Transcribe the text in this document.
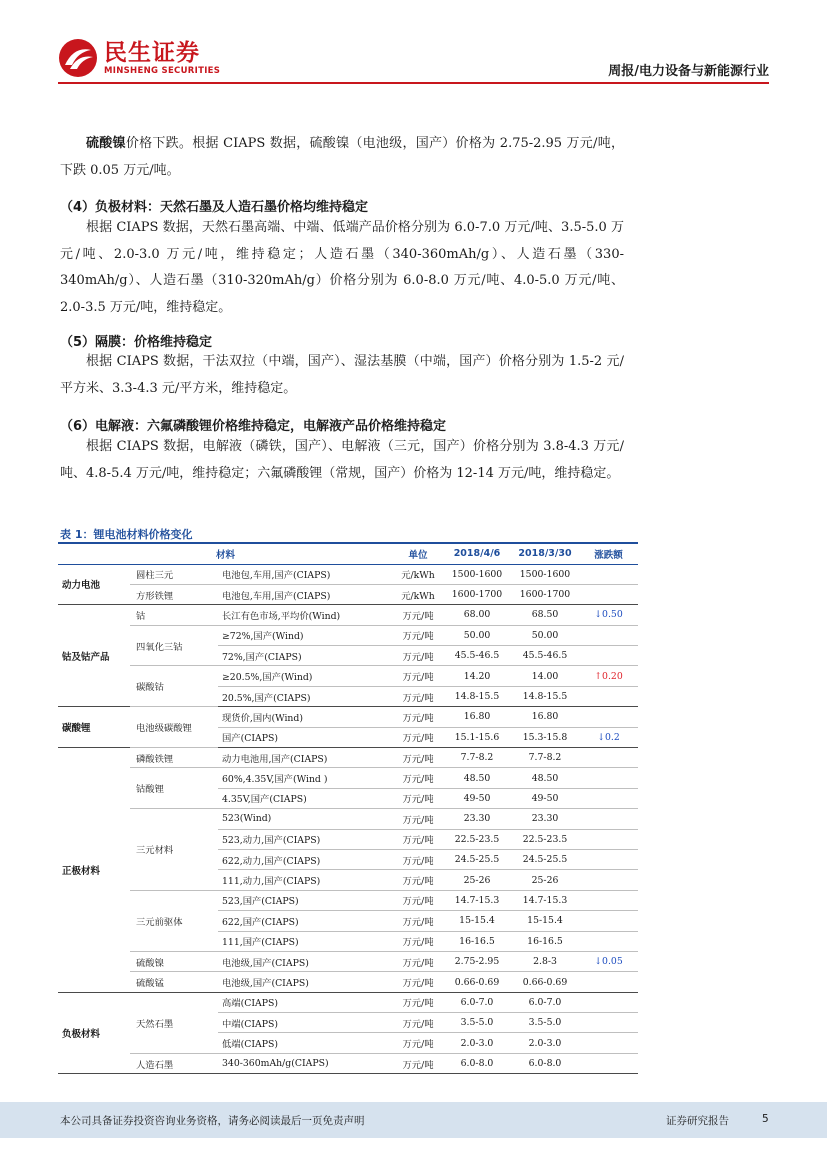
民生证券
MINSHENG SECURITIES	周报/电力设备与新能源行业
硫酸镍价格下跌。根据 CIAPS 数据，硫酸镍（电池级，国产）价格为 2.75-2.95 万元/吨，下跌 0.05 万元/吨。
（4）负极材料：天然石墨及人造石墨价格均维持稳定
根据 CIAPS 数据，天然石墨高端、中端、低端产品价格分别为 6.0-7.0 万元/吨、3.5-5.0 万元/吨、2.0-3.0 万元/吨，维持稳定；人造石墨（340-360mAh/g）、人造石墨（330-340mAh/g）、人造石墨（310-320mAh/g）价格分别为 6.0-8.0 万元/吨、4.0-5.0 万元/吨、2.0-3.5 万元/吨，维持稳定。
（5）隔膜：价格维持稳定
根据 CIAPS 数据，干法双拉（中端，国产）、湿法基膜（中端，国产）价格分别为 1.5-2 元/平方米、3.3-4.3 元/平方米，维持稳定。
（6）电解液：六氟磷酸锂价格维持稳定，电解液产品价格维持稳定
根据 CIAPS 数据，电解液（磷铁，国产）、电解液（三元，国产）价格分别为 3.8-4.3 万元/吨、4.8-5.4 万元/吨，维持稳定；六氟磷酸锂（常规，国产）价格为 12-14 万元/吨，维持稳定。
表 1：锂电池材料价格变化
材料			单位	2018/4/6	2018/3/30	涨跌额
动力电池	圆柱三元	电池包,车用,国产(CIAPS)	元/kWh	1500-1600	1500-1600	
	方形铁锂	电池包,车用,国产(CIAPS)	元/kWh	1600-1700	1600-1700	
钴及钴产品	钴	长江有色市场,平均价(Wind)	万元/吨	68.00	68.50	↓0.50
	四氧化三钴	≥72%,国产(Wind)	万元/吨	50.00	50.00	
		72%,国产(CIAPS)	万元/吨	45.5-46.5	45.5-46.5	
	碳酸钴	≥20.5%,国产(Wind)	万元/吨	14.20	14.00	↑0.20
		20.5%,国产(CIAPS)	万元/吨	14.8-15.5	14.8-15.5	
碳酸锂	电池级碳酸锂	现货价,国内(Wind)	万元/吨	16.80	16.80	
		国产(CIAPS)	万元/吨	15.1-15.6	15.3-15.8	↓0.2
正极材料	磷酸铁锂	动力电池用,国产(CIAPS)	万元/吨	7.7-8.2	7.7-8.2	
	钴酸锂	60%,4.35V,国产(Wind )	万元/吨	48.50	48.50	
		4.35V,国产(CIAPS)	万元/吨	49-50	49-50	
	三元材料	523(Wind)	万元/吨	23.30	23.30	
		523,动力,国产(CIAPS)	万元/吨	22.5-23.5	22.5-23.5	
		622,动力,国产(CIAPS)	万元/吨	24.5-25.5	24.5-25.5	
		111,动力,国产(CIAPS)	万元/吨	25-26	25-26	
	三元前驱体	523,国产(CIAPS)	万元/吨	14.7-15.3	14.7-15.3	
		622,国产(CIAPS)	万元/吨	15-15.4	15-15.4	
		111,国产(CIAPS)	万元/吨	16-16.5	16-16.5	
	硫酸镍	电池级,国产(CIAPS)	万元/吨	2.75-2.95	2.8-3	↓0.05
	硫酸锰	电池级,国产(CIAPS)	万元/吨	0.66-0.69	0.66-0.69	
负极材料	天然石墨	高端(CIAPS)	万元/吨	6.0-7.0	6.0-7.0	
		中端(CIAPS)	万元/吨	3.5-5.0	3.5-5.0	
		低端(CIAPS)	万元/吨	2.0-3.0	2.0-3.0	
	人造石墨	340-360mAh/g(CIAPS)	万元/吨	6.0-8.0	6.0-8.0	
本公司具备证券投资咨询业务资格，请务必阅读最后一页免责声明	证券研究报告	5
